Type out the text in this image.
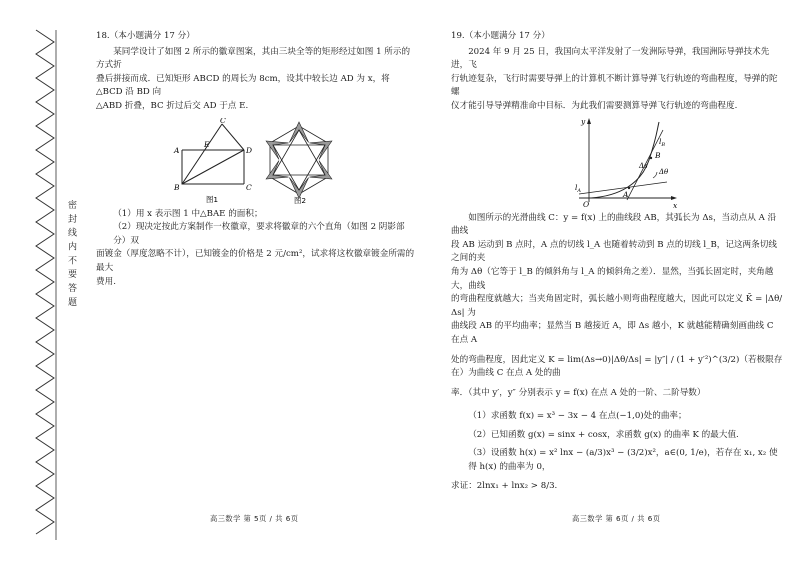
密 封 线 内 不 要 答 题
18.（本小题满分 17 分）

某同学设计了如图 2 所示的徽章图案，其由三块全等的矩形经过如图 1 所示的方式折

叠后拼接而成．已知矩形 ABCD 的周长为 8cm，设其中较长边 AD 为 x，将△BCD 沿 BD 向

△ABD 折叠，BC 折过后交 AD 于点 E.

A
E
C
B	C
D
图1	图2

（1）用 x 表示图 1 中△BAE 的面积；

（2）现决定按此方案制作一枚徽章，要求将徽章的六个直角（如图 2 阴影部分）双

面镀金（厚度忽略不计），已知镀金的价格是 2 元/cm²，试求将这枚徽章镀金所需的最大

费用.

19.（本小题满分 17 分）

2024 年 9 月 25 日，我国向太平洋发射了一发洲际导弹，我国洲际导弹技术先进，飞

行轨迹复杂，飞行时需要导弹上的计算机不断计算导弹飞行轨迹的弯曲程度，导弹的陀螺

仪才能引导导弹精准命中目标．为此我们需要测算导弹飞行轨迹的弯曲程度.

y
x
O
A
B
$l_A$
$l_B$
Δs
Δθ

如图所示的光滑曲线 C：y = f(x) 上的曲线段 AB，其弧长为 Δs，当动点从 A 沿曲线

段 AB 运动到 B 点时，A 点的切线 l_A 也随着转动到 B 点的切线 l_B，记这两条切线之间的夹

角为 Δθ（它等于 l_B 的倾斜角与 l_A 的倾斜角之差）．显然，当弧长固定时，夹角越大，曲线

的弯曲程度就越大；当夹角固定时，弧长越小则弯曲程度越大，因此可以定义 K̄ = |Δθ/Δs| 为

曲线段 AB 的平均曲率；显然当 B 越接近 A，即 Δs 越小，K 就越能精确刻画曲线 C 在点 A

处的弯曲程度，因此定义 K = lim(Δs→0)|Δθ/Δs| = |y″| / (1 + y′²)^(3/2)（若极限存在）为曲线 C 在点 A 处的曲

率．（其中 y′，y″ 分别表示 y = f(x) 在点 A 处的一阶、二阶导数）

（1）求函数 f(x) = x³ − 3x − 4 在点(−1,0)处的曲率；

（2）已知函数 g(x) = sinx + cosx，求函数 g(x) 的曲率 K 的最大值.

（3）设函数 h(x) = x² lnx − (a/3)x³ − (3/2)x²，a∈(0, 1/e)，若存在 x₁, x₂ 使得 h(x) 的曲率为 0，

求证：2lnx₁ + lnx₂ > 8/3.

高三数学 第 5页 / 共 6页	高三数学 第 6页 / 共 6页
